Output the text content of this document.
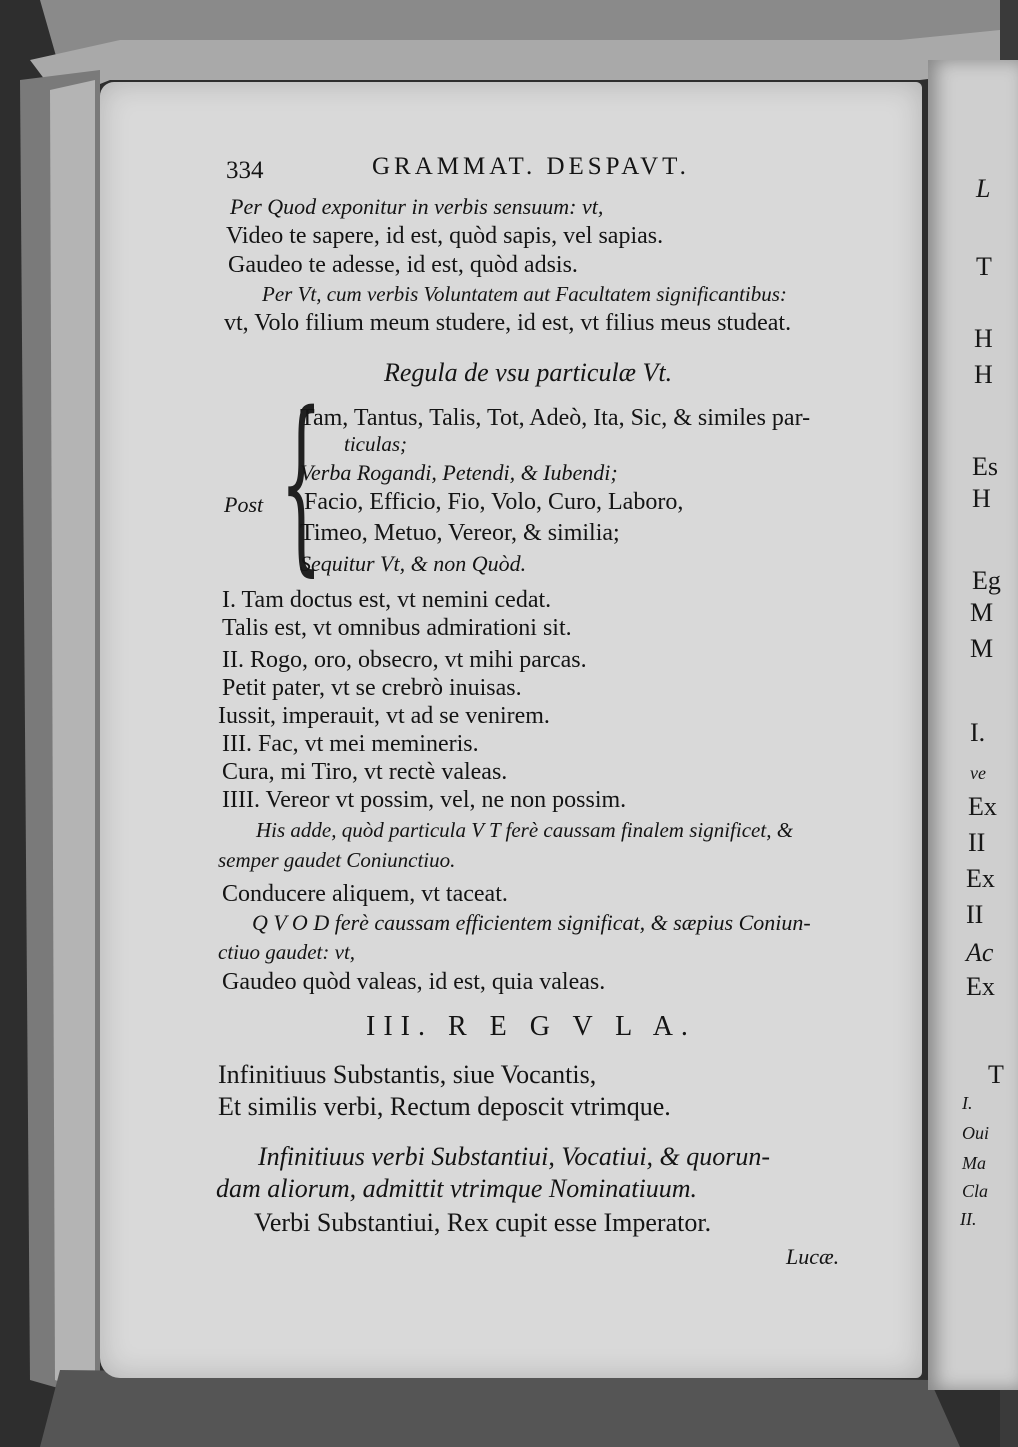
334	GRAMMAT. DESPAVT.
Per Quod exponitur in verbis sensuum: vt,
Video te sapere, id est, quòd sapis, vel sapias.
Gaudeo te adesse, id est, quòd adsis.
Per Vt, cum verbis Voluntatem aut Facultatem significantibus:
vt, Volo filium meum studere, id est, vt filius meus studeat.
Regula de vsu particulæ Vt.
{
Post
Tam, Tantus, Talis, Tot, Adeò, Ita, Sic, & similes par-
ticulas;
Verba Rogandi, Petendi, & Iubendi;
Facio, Efficio, Fio, Volo, Curo, Laboro,
Timeo, Metuo, Vereor, & similia;
Sequitur Vt, & non Quòd.
I. Tam doctus est, vt nemini cedat.
Talis est, vt omnibus admirationi sit.
II. Rogo, oro, obsecro, vt mihi parcas.
Petit pater, vt se crebrò inuisas.
Iussit, imperauit, vt ad se venirem.
III. Fac, vt mei memineris.
Cura, mi Tiro, vt rectè valeas.
IIII. Vereor vt possim, vel, ne non possim.
His adde, quòd particula V T ferè caussam finalem significet, &
semper gaudet Coniunctiuo.
Conducere aliquem, vt taceat.
Q V O D ferè caussam efficientem significat, & sæpius Coniun-
ctiuo gaudet: vt,
Gaudeo quòd valeas, id est, quia valeas.
III. R E G V L A.
Infinitiuus Substantis, siue Vocantis,
Et similis verbi, Rectum deposcit vtrimque.
Infinitiuus verbi Substantiui, Vocatiui, & quorun-
dam aliorum, admittit vtrimque Nominatiuum.
Verbi Substantiui, Rex cupit esse Imperator.
Lucæ.
L
T
H
H
Es
H
Eg
M
M
I.
ve
Ex
II
Ex
II
Ac
Ex
T
I.
Oui
Ma
Cla
II.
